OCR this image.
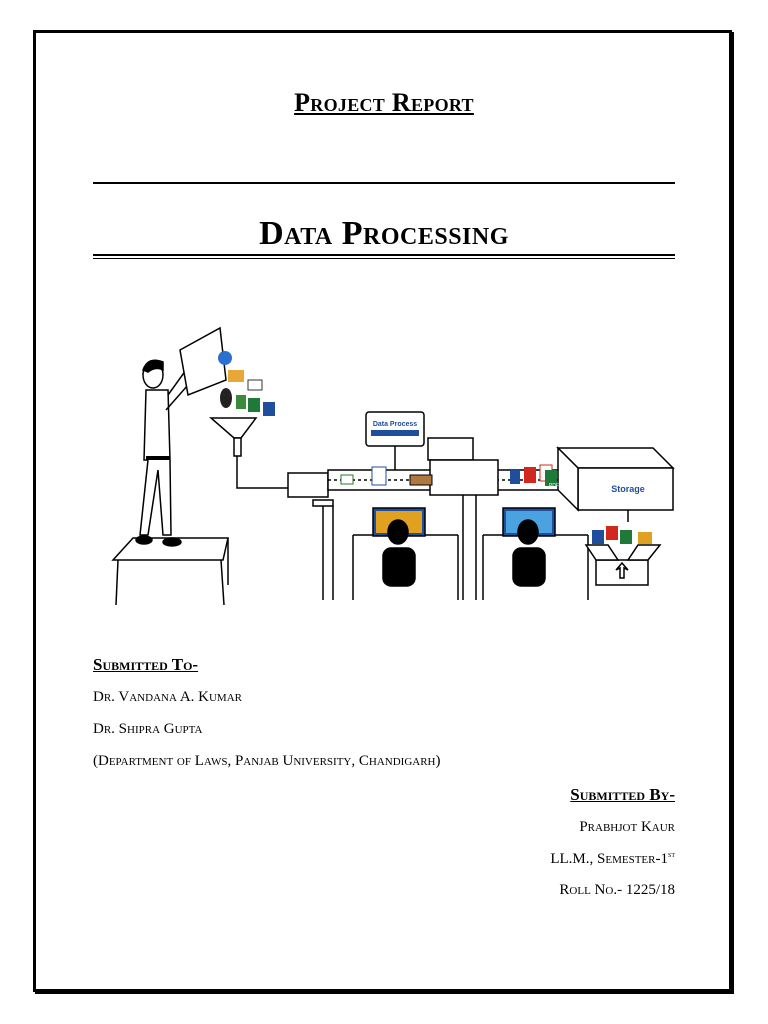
Project Report
Data Processing
Data Process
Storage
PDF
Submitted To-
Dr. Vandana A. Kumar
Dr. Shipra Gupta
(Department of Laws, Panjab University, Chandigarh)
Submitted By-
Prabhjot Kaur
LL.M., Semester-1st
Roll No.- 1225/18
